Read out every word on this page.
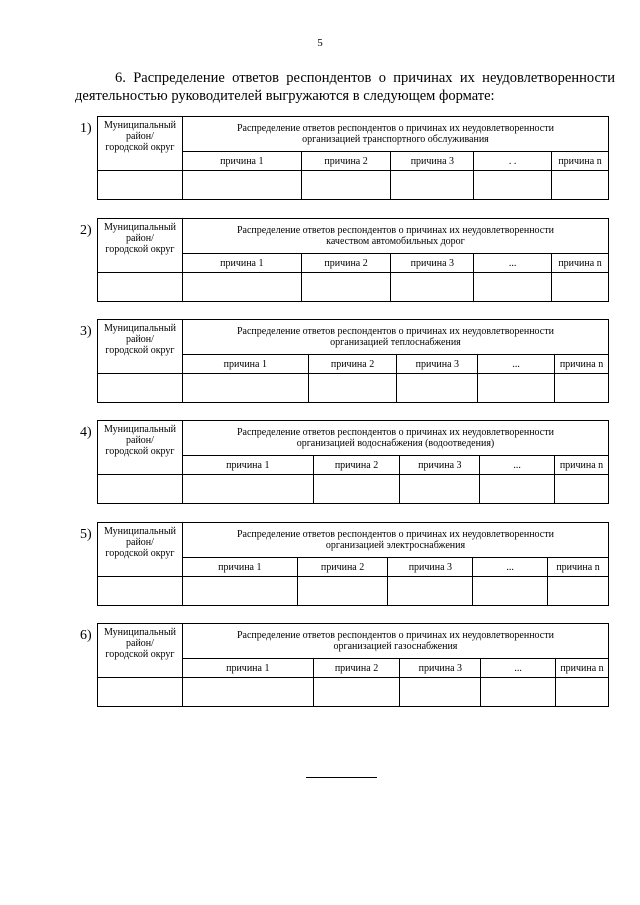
5
6. Распределение ответов респондентов о причинах их неудовлетворенности
деятельностью руководителей выгружаются в следующем формате:
1)	Муниципальный
район/
городской округ	Распределение ответов респондентов о причинах их неудовлетворенности
организацией транспортного обслуживания				

	причина 1	причина 2	причина 3	. .	причина n

2)	Муниципальный
район/
городской округ	Распределение ответов респондентов о причинах их неудовлетворенности
качеством автомобильных дорог				

	причина 1	причина 2	причина 3	...	причина n

3)	Муниципальный
район/
городской округ	Распределение ответов респондентов о причинах их неудовлетворенности
организацией теплоснабжения				

	причина 1	причина 2	причина 3	...	причина n

4)	Муниципальный
район/
городской округ	Распределение ответов респондентов о причинах их неудовлетворенности
организацией водоснабжения (водоотведения)				

	причина 1	причина 2	причина 3	...	причина n

5)	Муниципальный
район/
городской округ	Распределение ответов респондентов о причинах их неудовлетворенности
организацией электроснабжения				

	причина 1	причина 2	причина 3	...	причина n

6)	Муниципальный
район/
городской округ	Распределение ответов респондентов о причинах их неудовлетворенности
организацией газоснабжения				

	причина 1	причина 2	причина 3	...	причина n
